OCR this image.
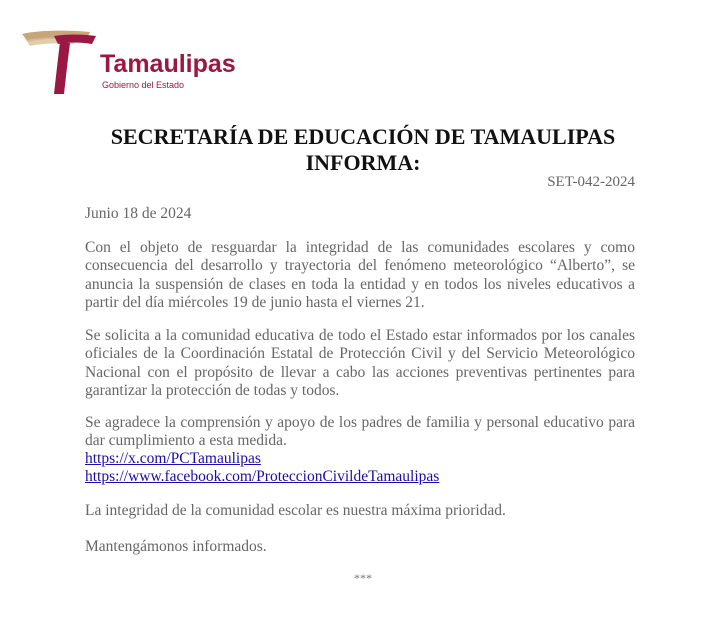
Tamaulipas
Gobierno del Estado
SECRETARÍA DE EDUCACIÓN DE TAMAULIPAS
INFORMA:
SET-042-2024
Junio 18 de 2024
Con el objeto de resguardar la integridad de las comunidades escolares y como consecuencia del desarrollo y trayectoria del fenómeno meteorológico “Alberto”, se anuncia la suspensión de clases en toda la entidad y en todos los niveles educativos a partir del día miércoles 19 de junio hasta el viernes 21.
Se solicita a la comunidad educativa de todo el Estado estar informados por los canales oficiales de la Coordinación Estatal de Protección Civil y del Servicio Meteorológico Nacional con el propósito de llevar a cabo las acciones preventivas pertinentes para garantizar la protección de todas y todos.
Se agradece la comprensión y apoyo de los padres de familia y personal educativo para dar cumplimiento a esta medida.
https://x.com/PCTamaulipas
https://www.facebook.com/ProteccionCivildeTamaulipas
La integridad de la comunidad escolar es nuestra máxima prioridad.
Mantengámonos informados.
***
